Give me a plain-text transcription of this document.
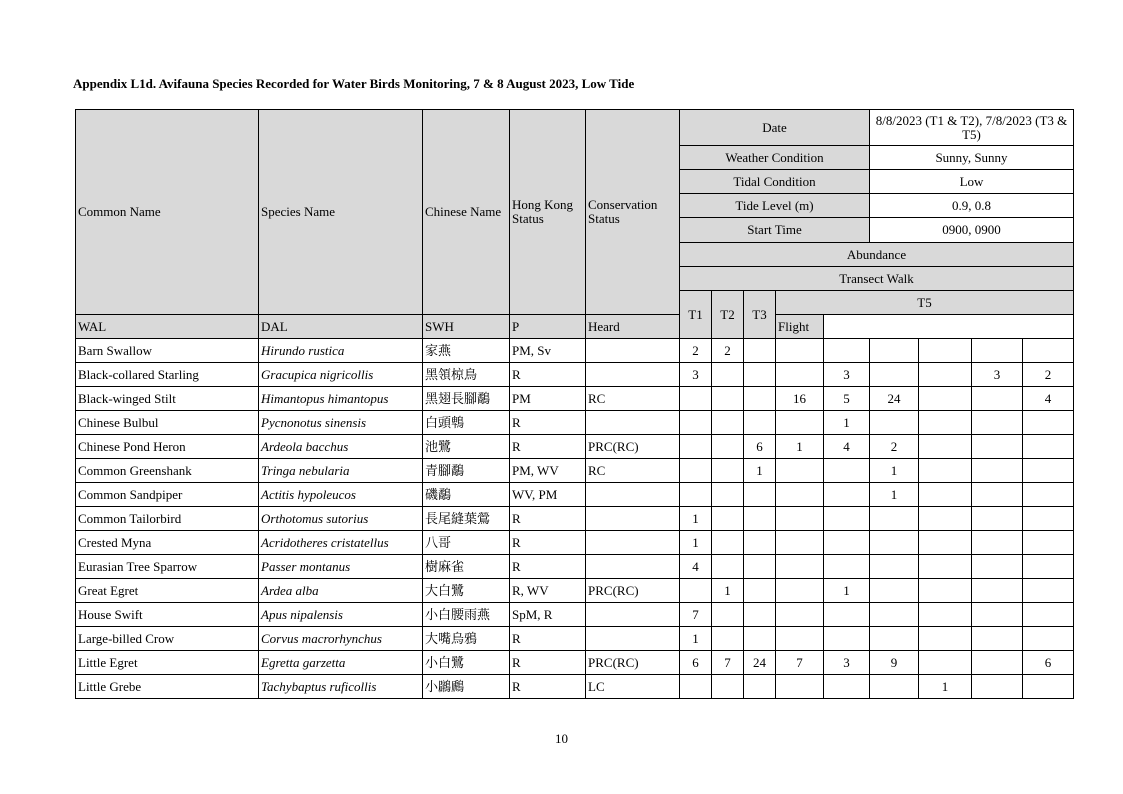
Appendix L1d. Avifauna Species Recorded for Water Birds Monitoring, 7 & 8 August 2023, Low Tide
Common Name	Species Name	Chinese Name	Hong Kong Status	Conservation Status	Date					8/8/2023 (T1 & T2), 7/8/2023 (T3 & T5)			
					Weather Condition					Sunny, Sunny			
					Tidal Condition					Low			
					Tide Level (m)					0.9, 0.8			
					Start Time					0900, 0900			
					Abundance								
					Transect Walk								
					T1	T2	T3	T5					
WAL	DAL	SWH	P	Heard				Flight					
Barn Swallow	Hirundo rustica	家燕	PM, Sv		2	2							
Black-collared Starling	Gracupica nigricollis	黑領椋鳥	R		3				3			3	2
Black-winged Stilt	Himantopus himantopus	黑翅長腳鷸	PM	RC				16	5	24			4
Chinese Bulbul	Pycnonotus sinensis	白頭鵯	R						1				
Chinese Pond Heron	Ardeola bacchus	池鷺	R	PRC(RC)			6	1	4	2			
Common Greenshank	Tringa nebularia	青腳鷸	PM, WV	RC			1			1			
Common Sandpiper	Actitis hypoleucos	磯鷸	WV, PM							1			
Common Tailorbird	Orthotomus sutorius	長尾縫葉鶯	R		1								
Crested Myna	Acridotheres cristatellus	八哥	R		1								
Eurasian Tree Sparrow	Passer montanus	樹麻雀	R		4								
Great Egret	Ardea alba	大白鷺	R, WV	PRC(RC)		1			1				
House Swift	Apus nipalensis	小白腰雨燕	SpM, R		7								
Large-billed Crow	Corvus macrorhynchus	大嘴烏鴉	R		1								
Little Egret	Egretta garzetta	小白鷺	R	PRC(RC)	6	7	24	7	3	9			6
Little Grebe	Tachybaptus ruficollis	小鸊鷉	R	LC							1		
10
